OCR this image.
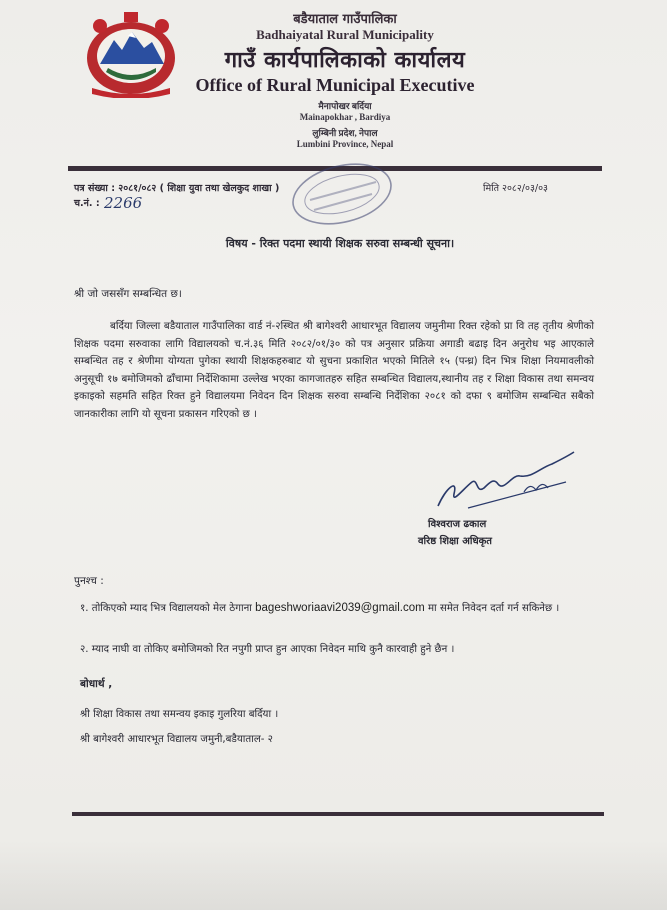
बडैयाताल गाउँपालिका
Badhaiyatal Rural Municipality
गाउँ कार्यपालिकाको कार्यालय
Office of Rural Municipal Executive
मैनापोखर बर्दिया
Mainapokhar , Bardiya
लुम्बिनी प्रदेश, नेपाल
Lumbini Province, Nepal
पत्र संख्या : २०८१/०८२ ( शिक्षा युवा तथा खेलकुद शाखा )
च.नं. : 2266
मिति २०८२/०३/०३
विषय - रिक्त पदमा स्थायी शिक्षक सरुवा सम्बन्धी सूचना।
श्री जो जससँग सम्बन्धित छ।
बर्दिया जिल्ला बडैयाताल गाउँपालिका वार्ड नं-२स्थित श्री बागेश्वरी आधारभूत विद्यालय जमुनीमा रिक्त रहेको प्रा वि तह तृतीय श्रेणीको शिक्षक पदमा सरुवाका लागि विद्यालयको च.नं.३६ मिति २०८२/०१/३० को पत्र अनुसार प्रक्रिया अगाडी बढाइ दिन अनुरोध भइ आएकाले सम्बन्धित तह र श्रेणीमा योग्यता पुगेका स्थायी शिक्षकहरुबाट यो सुचना प्रकाशित भएको मितिले १५ (पन्ध्र) दिन भित्र शिक्षा नियमावलीको अनुसूची १७ बमोजिमको ढाँचामा निर्देशिकामा उल्लेख भएका कागजातहरु सहित सम्बन्धित विद्यालय,स्थानीय तह र शिक्षा विकास तथा समन्वय इकाइको सहमति सहित रिक्त हुने विद्यालयमा निवेदन दिन शिक्षक सरुवा सम्बन्धि निर्देशिका २०८१ को दफा ९ बमोजिम सम्बन्धित सबैको जानकारीका लागि यो सूचना प्रकासन गरिएको छ ।
विश्वराज ढकाल
वरिष्ठ शिक्षा अधिकृत
पुनश्च :
१. तोकिएको म्याद भित्र विद्यालयको मेल ठेगाना bageshworiaavi2039@gmail.com मा समेत निवेदन दर्ता गर्न सकिनेछ ।
२. म्याद नाघी वा तोकिए बमोजिमको रित नपुगी प्राप्त हुन आएका निवेदन माथि कुनै कारवाही हुने छैन ।
बोधार्थ ,
श्री शिक्षा विकास तथा समन्वय इकाइ गुलरिया बर्दिया ।
श्री बागेश्वरी आधारभूत विद्यालय जमुनी,बडैयाताल- २
